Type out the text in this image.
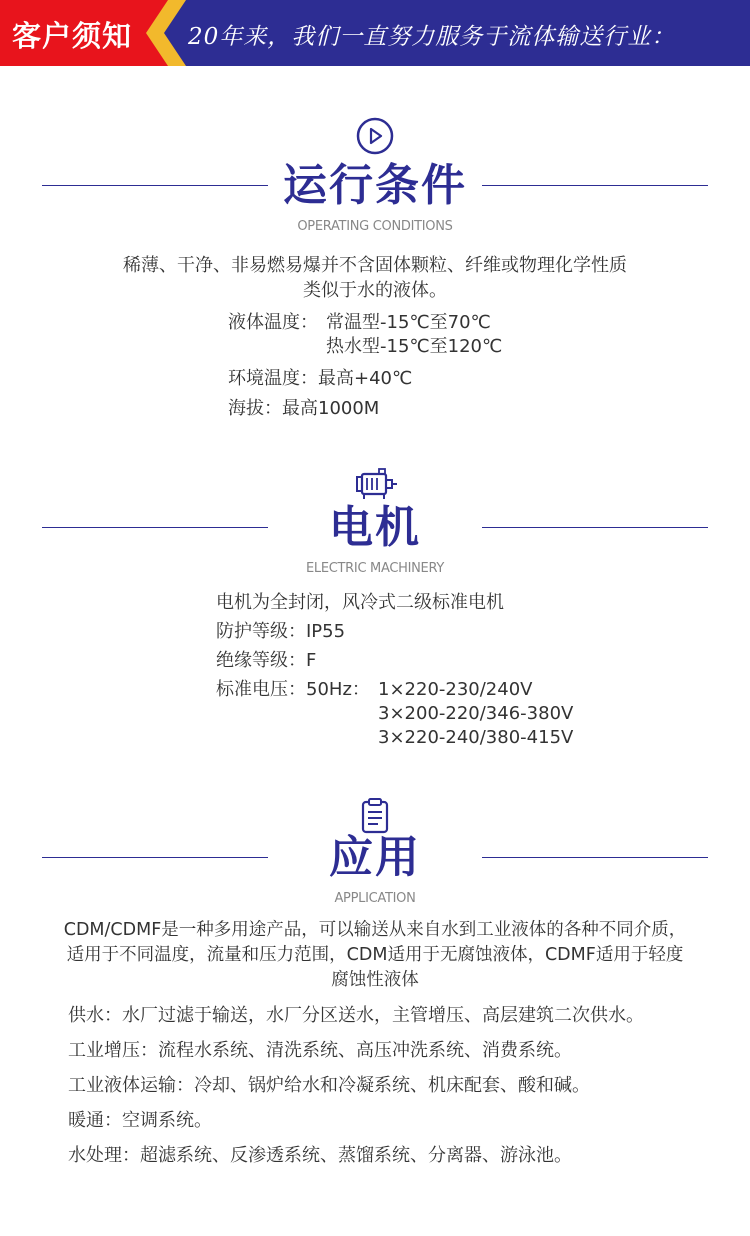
客户须知 20年来，我们一直努力服务于流体输送行业：
运行条件
OPERATING CONDITIONS
稀薄、干净、非易燃易爆并不含固体颗粒、纤维或物理化学性质
类似于水的液体。
液体温度： 常温型-15℃至70℃
热水型-15℃至120℃
环境温度：最高+40℃
海拔：最高1000M
电机
ELECTRIC MACHINERY
电机为全封闭，风冷式二级标准电机
防护等级：IP55
绝缘等级：F
标准电压：50Hz： 1×220-230/240V
3×200-220/346-380V
3×220-240/380-415V
应用
APPLICATION
CDM/CDMF是一种多用途产品，可以输送从来自水到工业液体的各种不同介质，
适用于不同温度，流量和压力范围，CDM适用于无腐蚀液体，CDMF适用于轻度
腐蚀性液体
供水：水厂过滤于输送，水厂分区送水，主管增压、高层建筑二次供水。
工业增压：流程水系统、清洗系统、高压冲洗系统、消费系统。
工业液体运输：冷却、锅炉给水和冷凝系统、机床配套、酸和碱。
暖通：空调系统。
水处理：超滤系统、反渗透系统、蒸馏系统、分离器、游泳池。
